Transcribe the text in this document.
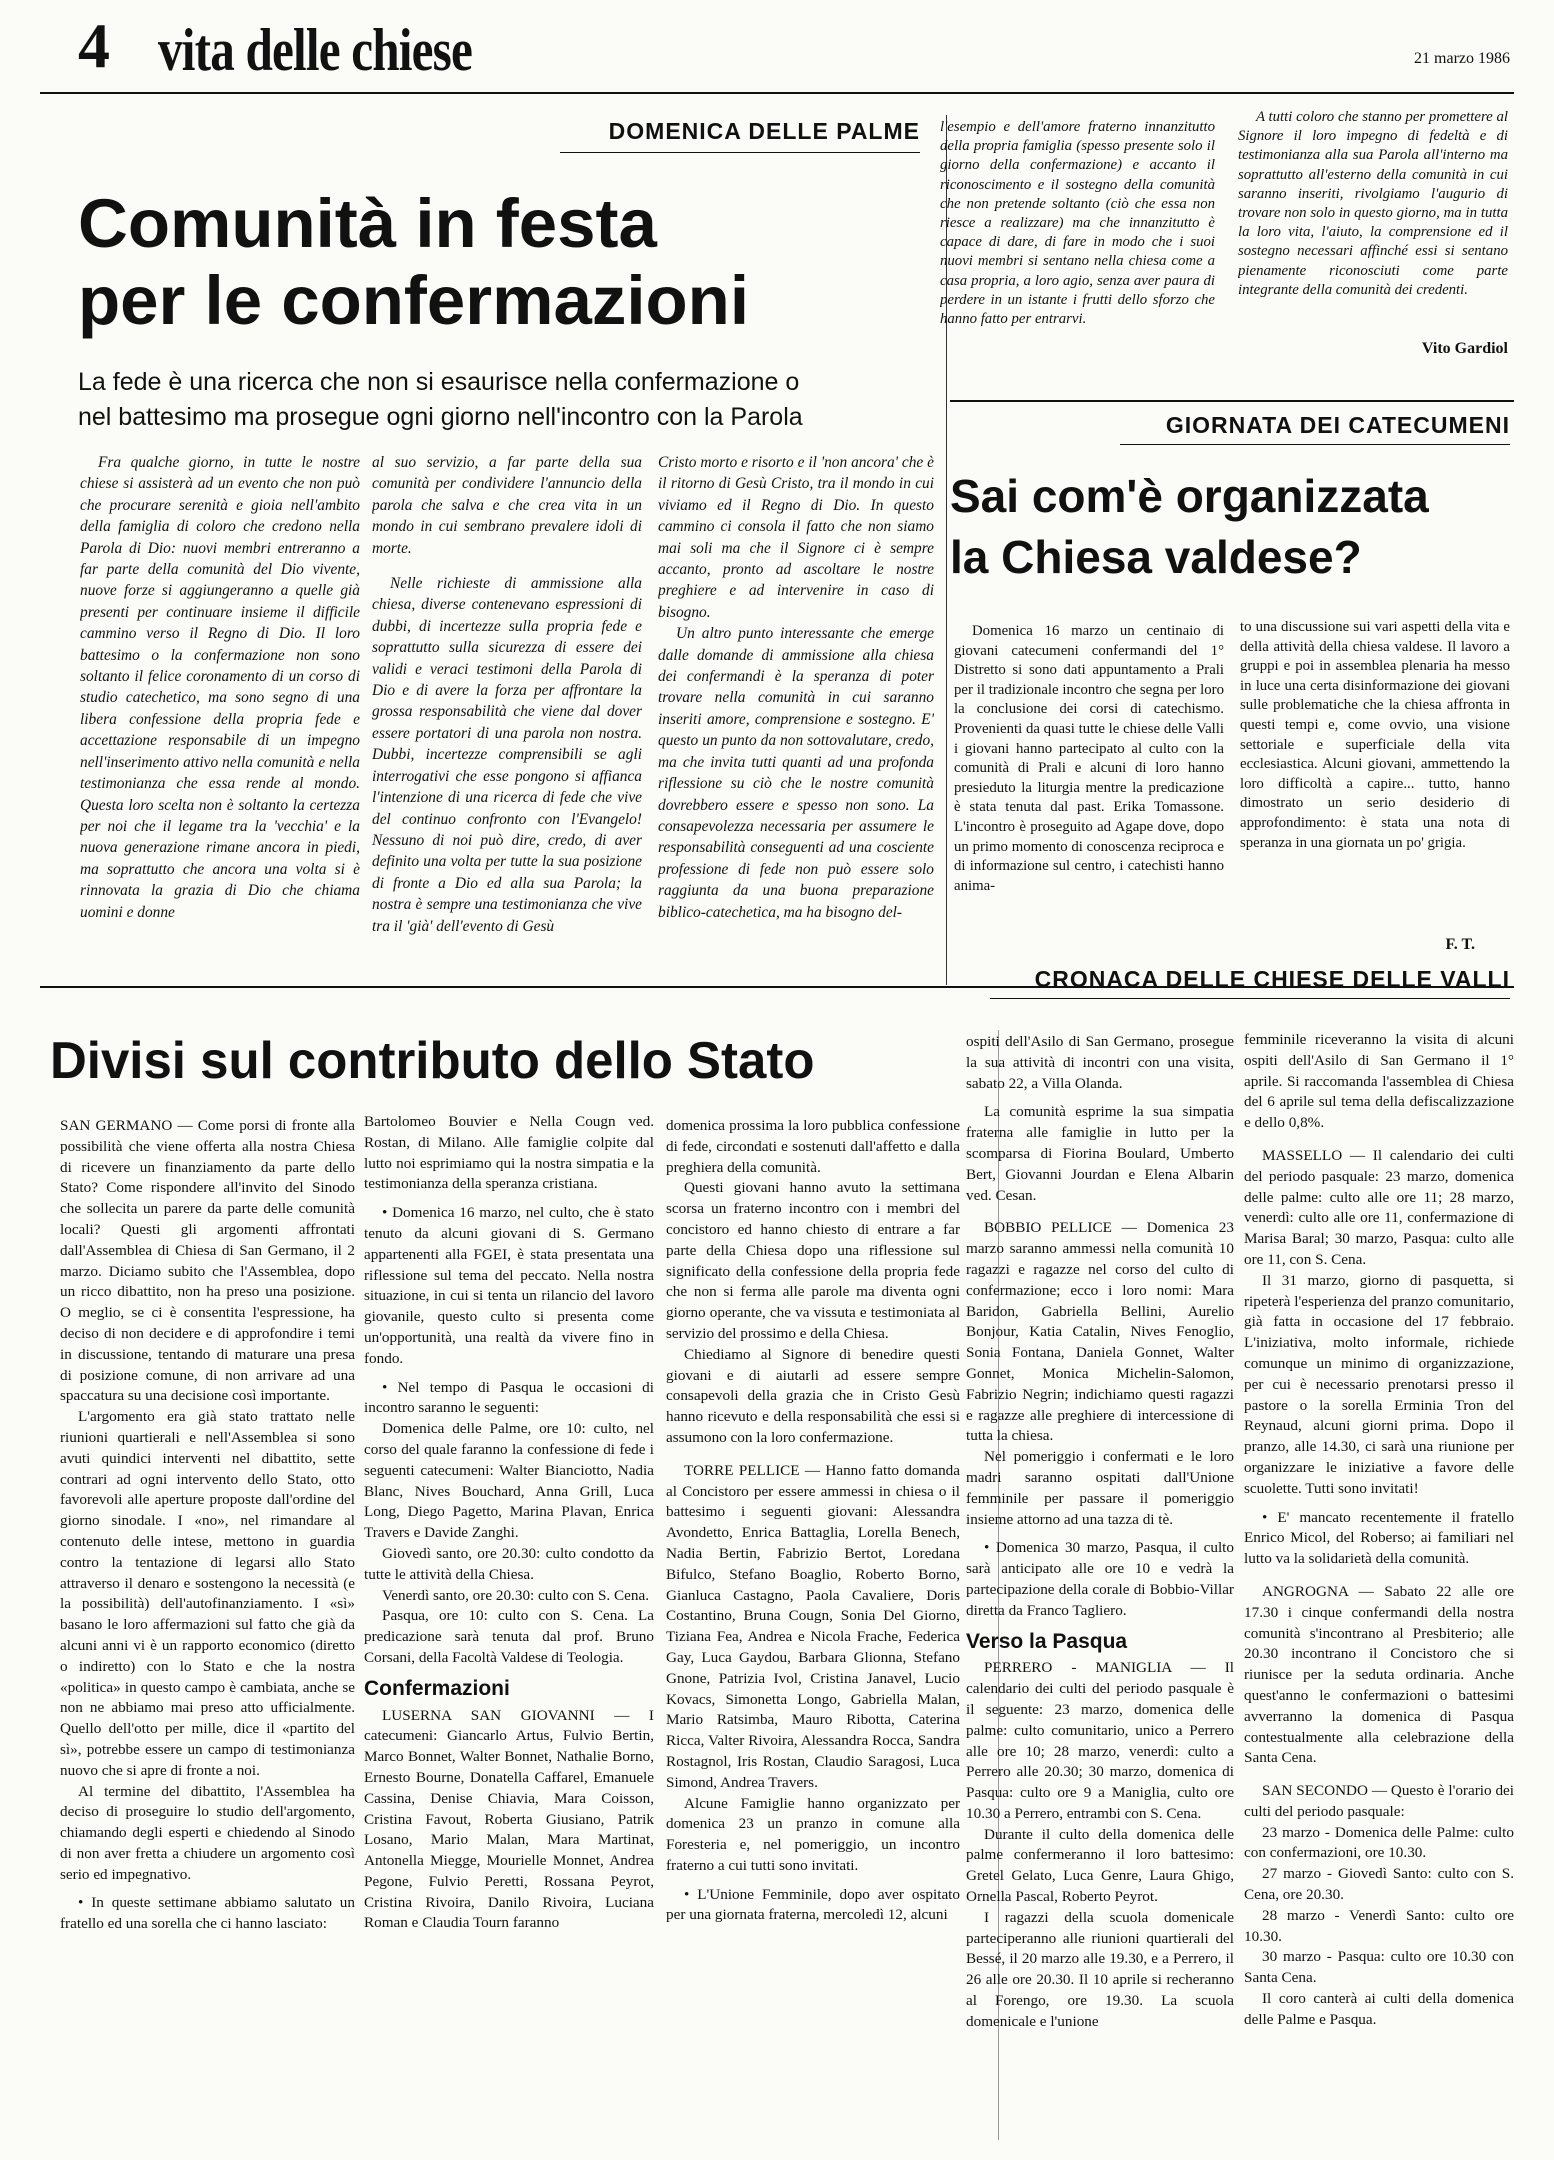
4 vita delle chiese	21 marzo 1986
DOMENICA DELLE PALME
Comunità in festa
per le confermazioni
La fede è una ricerca che non si esaurisce nella confermazione o
nel battesimo ma prosegue ogni giorno nell'incontro con la Parola

Fra qualche giorno, in tutte le nostre chiese si assisterà ad un evento che non può che procurare serenità e gioia nell'ambito della famiglia di coloro che credono nella Parola di Dio: nuovi membri entreranno a far parte della comunità del Dio vivente, nuove forze si aggiungeranno a quelle già presenti per continuare insieme il difficile cammino verso il Regno di Dio. Il loro battesimo o la confermazione non sono soltanto il felice coronamento di un corso di studio catechetico, ma sono segno di una libera confessione della propria fede e accettazione responsabile di un impegno nell'inserimento attivo nella comunità e nella testimonianza che essa rende al mondo. Questa loro scelta non è soltanto la certezza per noi che il legame tra la 'vecchia' e la nuova generazione rimane ancora in piedi, ma soprattutto che ancora una volta si è rinnovata la grazia di Dio che chiama uomini e donne

al suo servizio, a far parte della sua comunità per condividere l'annuncio della parola che salva e che crea vita in un mondo in cui sembrano prevalere idoli di morte.

Nelle richieste di ammissione alla chiesa, diverse contenevano espressioni di dubbi, di incertezze sulla propria fede e soprattutto sulla sicurezza di essere dei validi e veraci testimoni della Parola di Dio e di avere la forza per affrontare la grossa responsabilità che viene dal dover essere portatori di una parola non nostra. Dubbi, incertezze comprensibili se agli interrogativi che esse pongono si affianca l'intenzione di una ricerca di fede che vive del continuo confronto con l'Evangelo! Nessuno di noi può dire, credo, di aver definito una volta per tutte la sua posizione di fronte a Dio ed alla sua Parola; la nostra è sempre una testimonianza che vive tra il 'già' dell'evento di Gesù

Cristo morto e risorto e il 'non ancora' che è il ritorno di Gesù Cristo, tra il mondo in cui viviamo ed il Regno di Dio. In questo cammino ci consola il fatto che non siamo mai soli ma che il Signore ci è sempre accanto, pronto ad ascoltare le nostre preghiere e ad intervenire in caso di bisogno.

Un altro punto interessante che emerge dalle domande di ammissione alla chiesa dei confermandi è la speranza di poter trovare nella comunità in cui saranno inseriti amore, comprensione e sostegno. E' questo un punto da non sottovalutare, credo, ma che invita tutti quanti ad una profonda riflessione su ciò che le nostre comunità dovrebbero essere e spesso non sono. La consapevolezza necessaria per assumere le responsabilità conseguenti ad una cosciente professione di fede non può essere solo raggiunta da una buona preparazione biblico-catechetica, ma ha bisogno del-

l'esempio e dell'amore fraterno innanzitutto della propria famiglia (spesso presente solo il giorno della confermazione) e accanto il riconoscimento e il sostegno della comunità che non pretende soltanto (ciò che essa non riesce a realizzare) ma che innanzitutto è capace di dare, di fare in modo che i suoi nuovi membri si sentano nella chiesa come a casa propria, a loro agio, senza aver paura di perdere in un istante i frutti dello sforzo che hanno fatto per entrarvi.

A tutti coloro che stanno per promettere al Signore il loro impegno di fedeltà e di testimonianza alla sua Parola all'interno ma soprattutto all'esterno della comunità in cui saranno inseriti, rivolgiamo l'augurio di trovare non solo in questo giorno, ma in tutta la loro vita, l'aiuto, la comprensione ed il sostegno necessari affinché essi si sentano pienamente riconosciuti come parte integrante della comunità dei credenti.

Vito Gardiol
GIORNATA DEI CATECUMENI
Sai com'è organizzata
la Chiesa valdese?

Domenica 16 marzo un centinaio di giovani catecumeni confermandi del 1° Distretto si sono dati appuntamento a Prali per il tradizionale incontro che segna per loro la conclusione dei corsi di catechismo. Provenienti da quasi tutte le chiese delle Valli i giovani hanno partecipato al culto con la comunità di Prali e alcuni di loro hanno presieduto la liturgia mentre la predicazione è stata tenuta dal past. Erika Tomassone. L'incontro è proseguito ad Agape dove, dopo un primo momento di conoscenza reciproca e di informazione sul centro, i catechisti hanno anima-

to una discussione sui vari aspetti della vita e della attività della chiesa valdese. Il lavoro a gruppi e poi in assemblea plenaria ha messo in luce una certa disinformazione dei giovani sulle problematiche che la chiesa affronta in questi tempi e, come ovvio, una visione settoriale e superficiale della vita ecclesiastica. Alcuni giovani, ammettendo la loro difficoltà a capire... tutto, hanno dimostrato un serio desiderio di approfondimento: è stata una nota di speranza in una giornata un po' grigia.

F. T.
CRONACA DELLE CHIESE DELLE VALLI
Divisi sul contributo dello Stato

SAN GERMANO — Come porsi di fronte alla possibilità che viene offerta alla nostra Chiesa di ricevere un finanziamento da parte dello Stato? Come rispondere all'invito del Sinodo che sollecita un parere da parte delle comunità locali? Questi gli argomenti affrontati dall'Assemblea di Chiesa di San Germano, il 2 marzo. Diciamo subito che l'Assemblea, dopo un ricco dibattito, non ha preso una posizione. O meglio, se ci è consentita l'espressione, ha deciso di non decidere e di approfondire i temi in discussione, tentando di maturare una presa di posizione comune, di non arrivare ad una spaccatura su una decisione così importante.

L'argomento era già stato trattato nelle riunioni quartierali e nell'Assemblea si sono avuti quindici interventi nel dibattito, sette contrari ad ogni intervento dello Stato, otto favorevoli alle aperture proposte dall'ordine del giorno sinodale. I «no», nel rimandare al contenuto delle intese, mettono in guardia contro la tentazione di legarsi allo Stato attraverso il denaro e sostengono la necessità (e la possibilità) dell'autofinanziamento. I «sì» basano le loro affermazioni sul fatto che già da alcuni anni vi è un rapporto economico (diretto o indiretto) con lo Stato e che la nostra «politica» in questo campo è cambiata, anche se non ne abbiamo mai preso atto ufficialmente. Quello dell'otto per mille, dice il «partito del sì», potrebbe essere un campo di testimonianza nuovo che si apre di fronte a noi.

Al termine del dibattito, l'Assemblea ha deciso di proseguire lo studio dell'argomento, chiamando degli esperti e chiedendo al Sinodo di non aver fretta a chiudere un argomento così serio ed impegnativo.

• In queste settimane abbiamo salutato un fratello ed una sorella che ci hanno lasciato:

Bartolomeo Bouvier e Nella Cougn ved. Rostan, di Milano. Alle famiglie colpite dal lutto noi esprimiamo qui la nostra simpatia e la testimonianza della speranza cristiana.

• Domenica 16 marzo, nel culto, che è stato tenuto da alcuni giovani di S. Germano appartenenti alla FGEI, è stata presentata una riflessione sul tema del peccato. Nella nostra situazione, in cui si tenta un rilancio del lavoro giovanile, questo culto si presenta come un'opportunità, una realtà da vivere fino in fondo.

• Nel tempo di Pasqua le occasioni di incontro saranno le seguenti:

Domenica delle Palme, ore 10: culto, nel corso del quale faranno la confessione di fede i seguenti catecumeni: Walter Bianciotto, Nadia Blanc, Nives Bouchard, Anna Grill, Luca Long, Diego Pagetto, Marina Plavan, Enrica Travers e Davide Zanghi.

Giovedì santo, ore 20.30: culto condotto da tutte le attività della Chiesa.

Venerdì santo, ore 20.30: culto con S. Cena.

Pasqua, ore 10: culto con S. Cena. La predicazione sarà tenuta dal prof. Bruno Corsani, della Facoltà Valdese di Teologia.

Confermazioni

LUSERNA SAN GIOVANNI — I catecumeni: Giancarlo Artus, Fulvio Bertin, Marco Bonnet, Walter Bonnet, Nathalie Borno, Ernesto Bourne, Donatella Caffarel, Emanuele Cassina, Denise Chiavia, Mara Coisson, Cristina Favout, Roberta Giusiano, Patrik Losano, Mario Malan, Mara Martinat, Antonella Miegge, Mourielle Monnet, Andrea Pegone, Fulvio Peretti, Rossana Peyrot, Cristina Rivoira, Danilo Rivoira, Luciana Roman e Claudia Tourn faranno

domenica prossima la loro pubblica confessione di fede, circondati e sostenuti dall'affetto e dalla preghiera della comunità.

Questi giovani hanno avuto la settimana scorsa un fraterno incontro con i membri del concistoro ed hanno chiesto di entrare a far parte della Chiesa dopo una riflessione sul significato della confessione della propria fede che non si ferma alle parole ma diventa ogni giorno operante, che va vissuta e testimoniata al servizio del prossimo e della Chiesa.

Chiediamo al Signore di benedire questi giovani e di aiutarli ad essere sempre consapevoli della grazia che in Cristo Gesù hanno ricevuto e della responsabilità che essi si assumono con la loro confermazione.

TORRE PELLICE — Hanno fatto domanda al Concistoro per essere ammessi in chiesa o il battesimo i seguenti giovani: Alessandra Avondetto, Enrica Battaglia, Lorella Benech, Nadia Bertin, Fabrizio Bertot, Loredana Bifulco, Stefano Boaglio, Roberto Borno, Gianluca Castagno, Paola Cavaliere, Doris Costantino, Bruna Cougn, Sonia Del Giorno, Tiziana Fea, Andrea e Nicola Frache, Federica Gay, Luca Gaydou, Barbara Glionna, Stefano Gnone, Patrizia Ivol, Cristina Janavel, Lucio Kovacs, Simonetta Longo, Gabriella Malan, Mario Ratsimba, Mauro Ribotta, Caterina Ricca, Valter Rivoira, Alessandra Rocca, Sandra Rostagnol, Iris Rostan, Claudio Saragosi, Luca Simond, Andrea Travers.

Alcune Famiglie hanno organizzato per domenica 23 un pranzo in comune alla Foresteria e, nel pomeriggio, un incontro fraterno a cui tutti sono invitati.

• L'Unione Femminile, dopo aver ospitato per una giornata fraterna, mercoledì 12, alcuni

ospiti dell'Asilo di San Germano, prosegue la sua attività di incontri con una visita, sabato 22, a Villa Olanda.

La comunità esprime la sua simpatia fraterna alle famiglie in lutto per la scomparsa di Fiorina Boulard, Umberto Bert, Giovanni Jourdan e Elena Albarin ved. Cesan.

BOBBIO PELLICE — Domenica 23 marzo saranno ammessi nella comunità 10 ragazzi e ragazze nel corso del culto di confermazione; ecco i loro nomi: Mara Baridon, Gabriella Bellini, Aurelio Bonjour, Katia Catalin, Nives Fenoglio, Sonia Fontana, Daniela Gonnet, Walter Gonnet, Monica Michelin-Salomon, Fabrizio Negrin; indichiamo questi ragazzi e ragazze alle preghiere di intercessione di tutta la chiesa.

Nel pomeriggio i confermati e le loro madri saranno ospitati dall'Unione femminile per passare il pomeriggio insieme attorno ad una tazza di tè.

• Domenica 30 marzo, Pasqua, il culto sarà anticipato alle ore 10 e vedrà la partecipazione della corale di Bobbio-Villar diretta da Franco Tagliero.

Verso la Pasqua

PERRERO - MANIGLIA — Il calendario dei culti del periodo pasquale è il seguente: 23 marzo, domenica delle palme: culto comunitario, unico a Perrero alle ore 10; 28 marzo, venerdì: culto a Perrero alle 20.30; 30 marzo, domenica di Pasqua: culto ore 9 a Maniglia, culto ore 10.30 a Perrero, entrambi con S. Cena.

Durante il culto della domenica delle palme confermeranno il loro battesimo: Gretel Gelato, Luca Genre, Laura Ghigo, Ornella Pascal, Roberto Peyrot.

I ragazzi della scuola domenicale parteciperanno alle riunioni quartierali del Bessé, il 20 marzo alle 19.30, e a Perrero, il 26 alle ore 20.30. Il 10 aprile si recheranno al Forengo, ore 19.30. La scuola domenicale e l'unione

femminile riceveranno la visita di alcuni ospiti dell'Asilo di San Germano il 1° aprile. Si raccomanda l'assemblea di Chiesa del 6 aprile sul tema della defiscalizzazione e dello 0,8%.

MASSELLO — Il calendario dei culti del periodo pasquale: 23 marzo, domenica delle palme: culto alle ore 11; 28 marzo, venerdì: culto alle ore 11, confermazione di Marisa Baral; 30 marzo, Pasqua: culto alle ore 11, con S. Cena.

Il 31 marzo, giorno di pasquetta, si ripeterà l'esperienza del pranzo comunitario, già fatta in occasione del 17 febbraio. L'iniziativa, molto informale, richiede comunque un minimo di organizzazione, per cui è necessario prenotarsi presso il pastore o la sorella Erminia Tron del Reynaud, alcuni giorni prima. Dopo il pranzo, alle 14.30, ci sarà una riunione per organizzare le iniziative a favore delle scuolette. Tutti sono invitati!

• E' mancato recentemente il fratello Enrico Micol, del Roberso; ai familiari nel lutto va la solidarietà della comunità.

ANGROGNA — Sabato 22 alle ore 17.30 i cinque confermandi della nostra comunità s'incontrano al Presbiterio; alle 20.30 incontrano il Concistoro che si riunisce per la seduta ordinaria. Anche quest'anno le confermazioni o battesimi avverranno la domenica di Pasqua contestualmente alla celebrazione della Santa Cena.

SAN SECONDO — Questo è l'orario dei culti del periodo pasquale:

23 marzo - Domenica delle Palme: culto con confermazioni, ore 10.30.

27 marzo - Giovedì Santo: culto con S. Cena, ore 20.30.

28 marzo - Venerdì Santo: culto ore 10.30.

30 marzo - Pasqua: culto ore 10.30 con Santa Cena.

Il coro canterà ai culti della domenica delle Palme e Pasqua.
